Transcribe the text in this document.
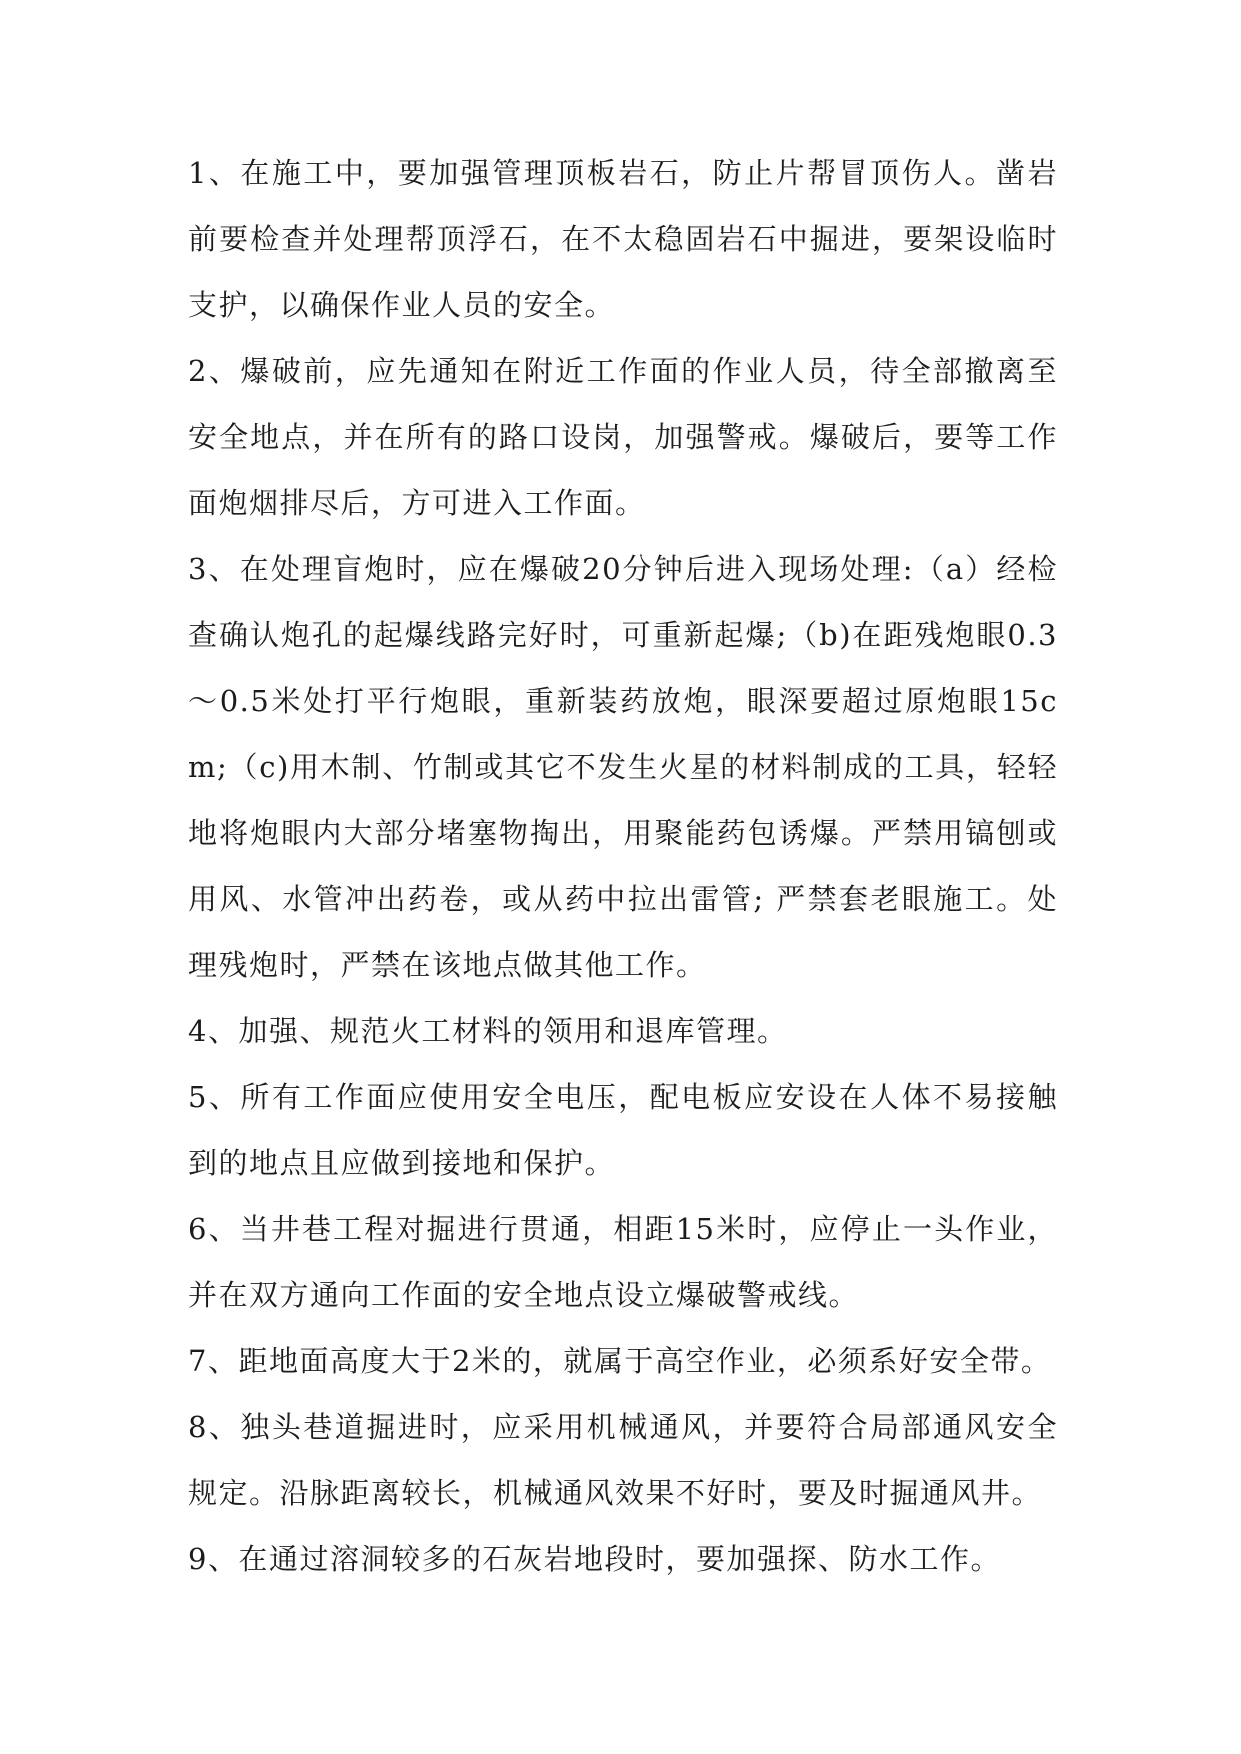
1、在施工中，要加强管理顶板岩石，防止片帮冒顶伤人。凿岩前要检查并处理帮顶浮石，在不太稳固岩石中掘进，要架设临时支护，以确保作业人员的安全。

2、爆破前，应先通知在附近工作面的作业人员，待全部撤离至安全地点，并在所有的路口设岗，加强警戒。爆破后，要等工作面炮烟排尽后，方可进入工作面。

3、在处理盲炮时，应在爆破20分钟后进入现场处理:（a）经检查确认炮孔的起爆线路完好时，可重新起爆;（b)在距残炮眼0.3～0.5米处打平行炮眼，重新装药放炮，眼深要超过原炮眼15cm;（c)用木制、竹制或其它不发生火星的材料制成的工具，轻轻地将炮眼内大部分堵塞物掏出，用聚能药包诱爆。严禁用镐刨或用风、水管冲出药卷，或从药中拉出雷管; 严禁套老眼施工。处理残炮时，严禁在该地点做其他工作。

4、加强、规范火工材料的领用和退库管理。

5、所有工作面应使用安全电压，配电板应安设在人体不易接触到的地点且应做到接地和保护。

6、当井巷工程对掘进行贯通，相距15米时，应停止一头作业，并在双方通向工作面的安全地点设立爆破警戒线。

7、距地面高度大于2米的，就属于高空作业，必须系好安全带。

8、独头巷道掘进时，应采用机械通风，并要符合局部通风安全规定。沿脉距离较长，机械通风效果不好时，要及时掘通风井。

9、在通过溶洞较多的石灰岩地段时，要加强探、防水工作。
